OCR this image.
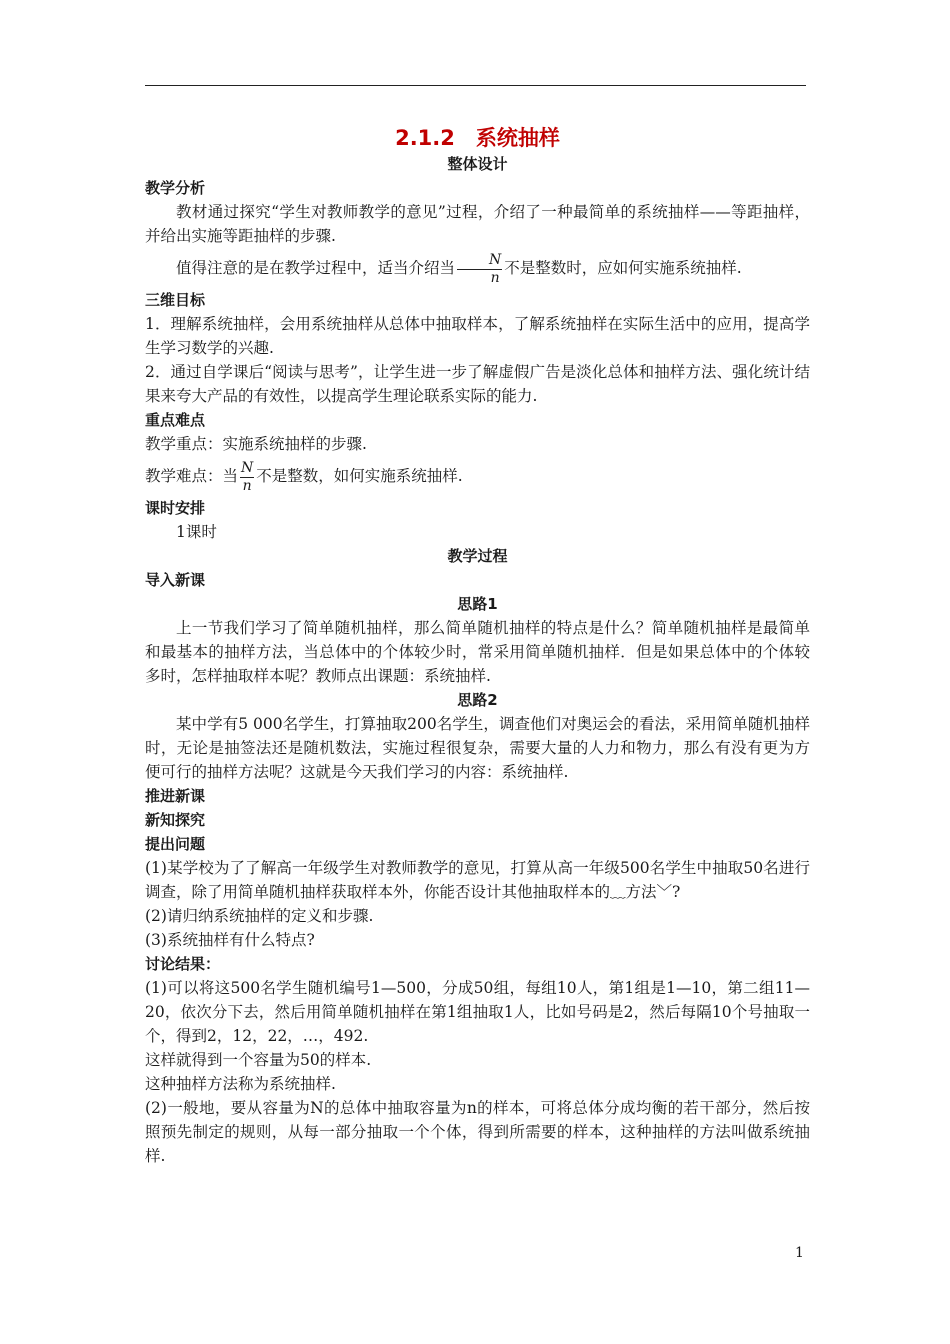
2.1.2　系统抽样
整体设计
教学分析

教材通过探究“学生对教师教学的意见”过程，介绍了一种最简单的系统抽样——等距抽样，并给出实施等距抽样的步骤.

值得注意的是在教学过程中，适当介绍当 $\frac{N}{n}$ 不是整数时，应如何实施系统抽样.

三维目标

1．理解系统抽样，会用系统抽样从总体中抽取样本，了解系统抽样在实际生活中的应用，提高学生学习数学的兴趣.

2．通过自学课后“阅读与思考”，让学生进一步了解虚假广告是淡化总体和抽样方法、强化统计结果来夸大产品的有效性，以提高学生理论联系实际的能力.

重点难点

教学重点：实施系统抽样的步骤.

教学难点：当 $\frac{N}{n}$ 不是整数，如何实施系统抽样.

课时安排

1课时

教学过程
导入新课
思路1

上一节我们学习了简单随机抽样，那么简单随机抽样的特点是什么？简单随机抽样是最简单和最基本的抽样方法，当总体中的个体较少时，常采用简单随机抽样．但是如果总体中的个体较多时，怎样抽取样本呢？教师点出课题：系统抽样.

思路2

某中学有5 000名学生，打算抽取200名学生，调查他们对奥运会的看法，采用简单随机抽样时，无论是抽签法还是随机数法，实施过程很复杂，需要大量的人力和物力，那么有没有更为方便可行的抽样方法呢？这就是今天我们学习的内容：系统抽样.

推进新课
新知探究
提出问题

(1)某学校为了了解高一年级学生对教师教学的意见，打算从高一年级500名学生中抽取50名进行调查，除了用简单随机抽样获取样本外，你能否设计其他抽取样本的﹏方法﹀?

(2)请归纳系统抽样的定义和步骤.

(3)系统抽样有什么特点?

讨论结果：

(1)可以将这500名学生随机编号1—500，分成50组，每组10人，第1组是1—10，第二组11—20，依次分下去，然后用简单随机抽样在第1组抽取1人，比如号码是2，然后每隔10个号抽取一个，得到2，12，22，…，492.

这样就得到一个容量为50的样本.

这种抽样方法称为系统抽样.

(2)一般地，要从容量为N的总体中抽取容量为n的样本，可将总体分成均衡的若干部分，然后按照预先制定的规则，从每一部分抽取一个个体，得到所需要的样本，这种抽样的方法叫做系统抽样.

1
